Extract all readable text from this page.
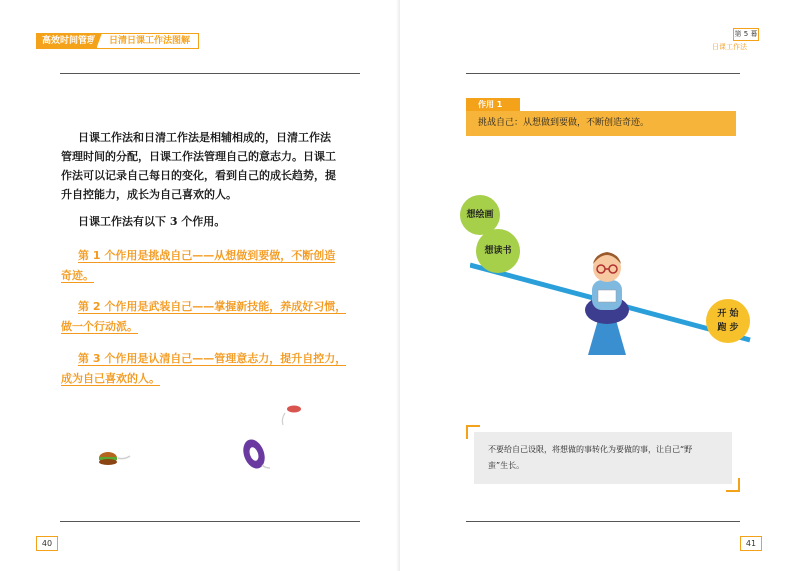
高效时间管理	日清日课工作法图解
日课工作法和日清工作法是相辅相成的，日清工作法
管理时间的分配，日课工作法管理自己的意志力。日课工
作法可以记录自己每日的变化，看到自己的成长趋势，提
升自控能力，成长为自己喜欢的人。
日课工作法有以下 3 个作用。
第 1 个作用是挑战自己——从想做到要做，不断创造
奇迹。
第 2 个作用是武装自己——掌握新技能，养成好习惯，
做一个行动派。
第 3 个作用是认清自己——管理意志力，提升自控力，
成为自己喜欢的人。
40
第 5 幕
日课工作法
作用 1
挑战自己：从想做到要做，不断创造奇迹。
想绘画
想读书
开 始
跑 步
不要给自己设限，将想做的事转化为要做的事，让自己“野
蛮”生长。
41
